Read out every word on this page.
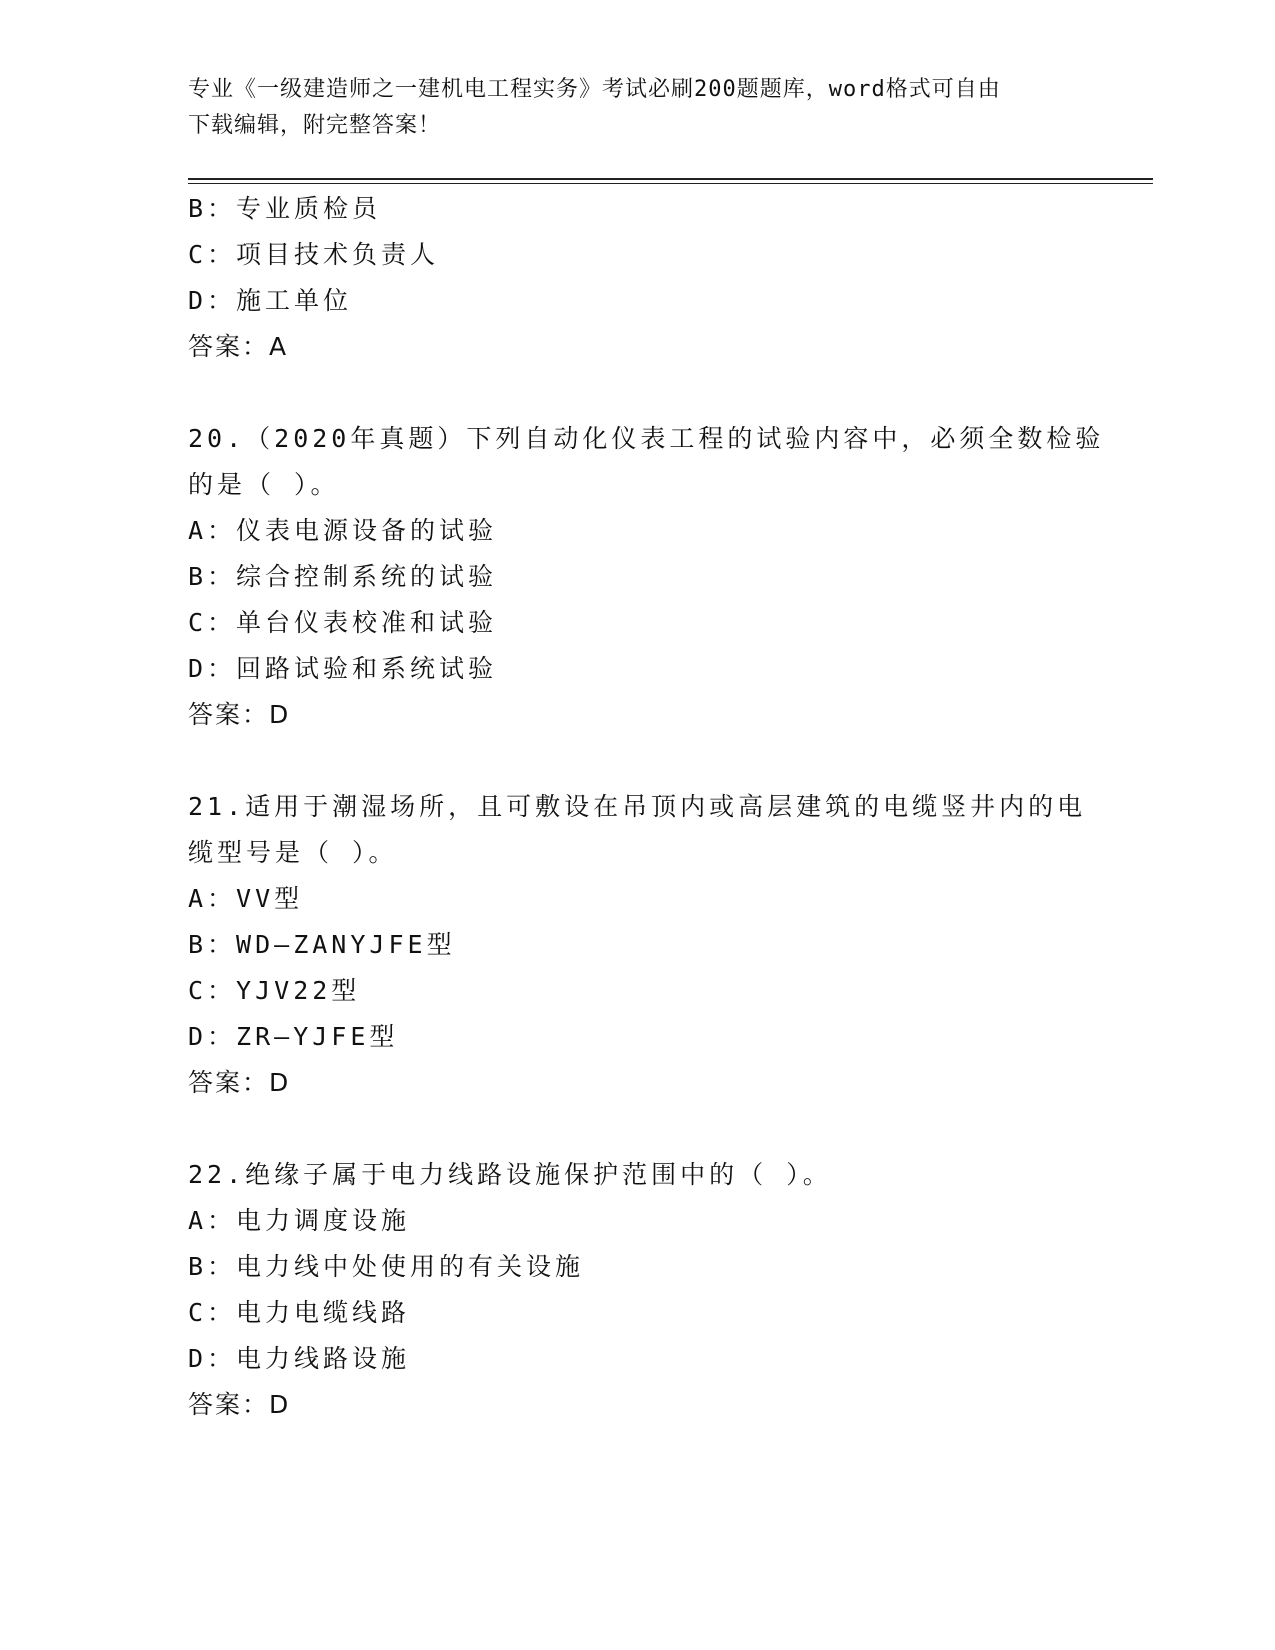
专业《一级建造师之一建机电工程实务》考试必刷200题题库，word格式可自由
下载编辑，附完整答案！
B：专业质检员
C：项目技术负责人
D：施工单位
答案：A
20.（2020年真题）下列自动化仪表工程的试验内容中，必须全数检验
的是（ ）。
A：仪表电源设备的试验
B：综合控制系统的试验
C：单台仪表校准和试验
D：回路试验和系统试验
答案：D
21.适用于潮湿场所，且可敷设在吊顶内或高层建筑的电缆竖井内的电
缆型号是（ ）。
A：VV型
B：WD—ZANYJFE型
C：YJV22型
D：ZR—YJFE型
答案：D
22.绝缘子属于电力线路设施保护范围中的（ ）。
A：电力调度设施
B：电力线中处使用的有关设施
C：电力电缆线路
D：电力线路设施
答案：D
